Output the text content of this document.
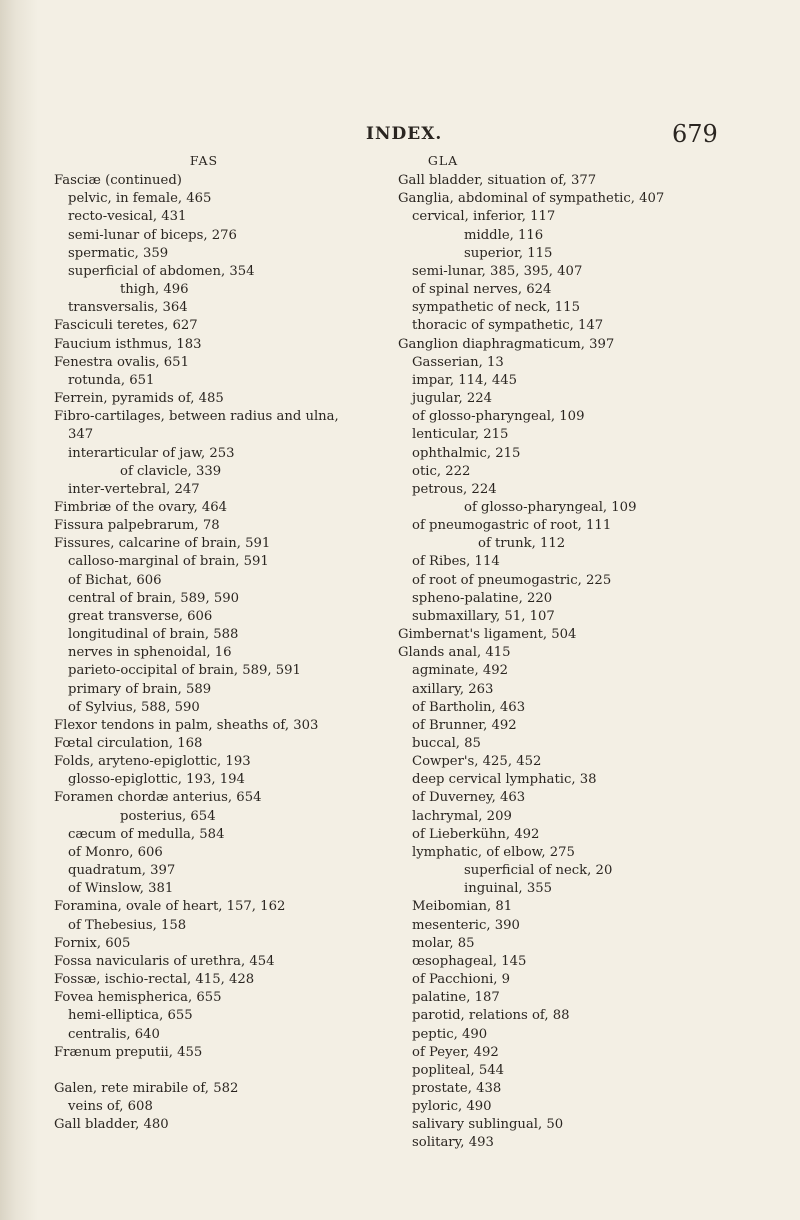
INDEX.	679
FAS
Fasciæ (continued)
pelvic, in female, 465
recto-vesical, 431
semi-lunar of biceps, 276
spermatic, 359
superficial of abdomen, 354
thigh, 496
transversalis, 364
Fasciculi teretes, 627
Faucium isthmus, 183
Fenestra ovalis, 651
rotunda, 651
Ferrein, pyramids of, 485
Fibro-cartilages, between radius and ulna,
347
interarticular of jaw, 253
of clavicle, 339
inter-vertebral, 247
Fimbriæ of the ovary, 464
Fissura palpebrarum, 78
Fissures, calcarine of brain, 591
calloso-marginal of brain, 591
of Bichat, 606
central of brain, 589, 590
great transverse, 606
longitudinal of brain, 588
nerves in sphenoidal, 16
parieto-occipital of brain, 589, 591
primary of brain, 589
of Sylvius, 588, 590
Flexor tendons in palm, sheaths of, 303
Fœtal circulation, 168
Folds, aryteno-epiglottic, 193
glosso-epiglottic, 193, 194
Foramen chordæ anterius, 654
posterius, 654
cæcum of medulla, 584
of Monro, 606
quadratum, 397
of Winslow, 381
Foramina, ovale of heart, 157, 162
of Thebesius, 158
Fornix, 605
Fossa navicularis of urethra, 454
Fossæ, ischio-rectal, 415, 428
Fovea hemispherica, 655
hemi-elliptica, 655
centralis, 640
Frænum preputii, 455
Galen, rete mirabile of, 582
veins of, 608
Gall bladder, 480
GLA
Gall bladder, situation of, 377
Ganglia, abdominal of sympathetic, 407
cervical, inferior, 117
middle, 116
superior, 115
semi-lunar, 385, 395, 407
of spinal nerves, 624
sympathetic of neck, 115
thoracic of sympathetic, 147
Ganglion diaphragmaticum, 397
Gasserian, 13
impar, 114, 445
jugular, 224
of glosso-pharyngeal, 109
lenticular, 215
ophthalmic, 215
otic, 222
petrous, 224
of glosso-pharyngeal, 109
of pneumogastric of root, 111
of trunk, 112
of Ribes, 114
of root of pneumogastric, 225
spheno-palatine, 220
submaxillary, 51, 107
Gimbernat's ligament, 504
Glands anal, 415
agminate, 492
axillary, 263
of Bartholin, 463
of Brunner, 492
buccal, 85
Cowper's, 425, 452
deep cervical lymphatic, 38
of Duverney, 463
lachrymal, 209
of Lieberkühn, 492
lymphatic, of elbow, 275
superficial of neck, 20
inguinal, 355
Meibomian, 81
mesenteric, 390
molar, 85
œsophageal, 145
of Pacchioni, 9
palatine, 187
parotid, relations of, 88
peptic, 490
of Peyer, 492
popliteal, 544
prostate, 438
pyloric, 490
salivary sublingual, 50
solitary, 493
